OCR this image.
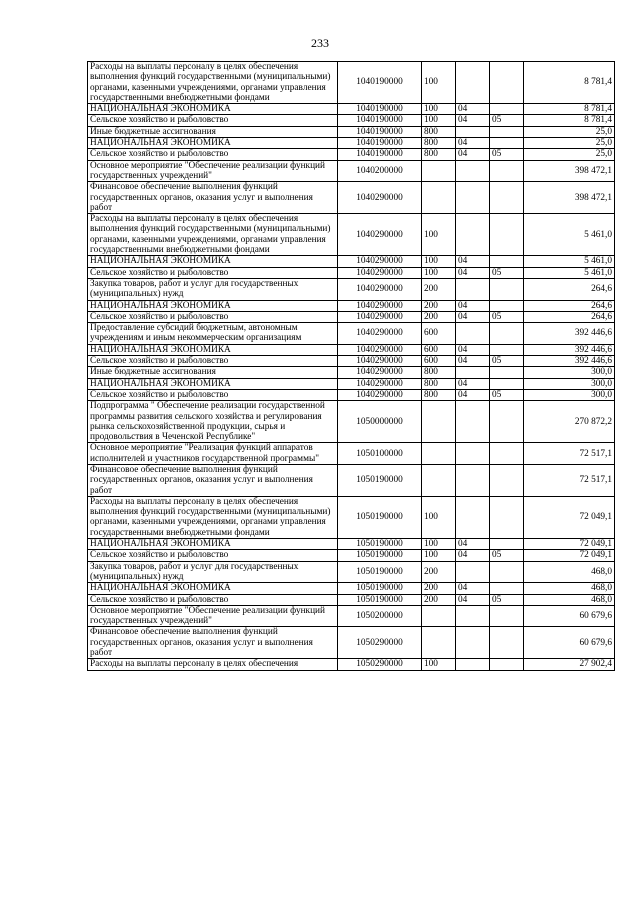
233
Расходы на выплаты персоналу в целях обеспечения выполнения функций государственными (муниципальными) органами, казенными учреждениями, органами управления государственными внебюджетными фондами	1040190000	100			8 781,4
НАЦИОНАЛЬНАЯ ЭКОНОМИКА	1040190000	100	04		8 781,4
Сельское хозяйство и рыболовство	1040190000	100	04	05	8 781,4
Иные бюджетные ассигнования	1040190000	800			25,0
НАЦИОНАЛЬНАЯ ЭКОНОМИКА	1040190000	800	04		25,0
Сельское хозяйство и рыболовство	1040190000	800	04	05	25,0
Основное мероприятие "Обеспечение реализации функций государственных учреждений"	1040200000				398 472,1
Финансовое обеспечение выполнения функций государственных органов, оказания услуг и выполнения работ	1040290000				398 472,1
Расходы на выплаты персоналу в целях обеспечения выполнения функций государственными (муниципальными) органами, казенными учреждениями, органами управления государственными внебюджетными фондами	1040290000	100			5 461,0
НАЦИОНАЛЬНАЯ ЭКОНОМИКА	1040290000	100	04		5 461,0
Сельское хозяйство и рыболовство	1040290000	100	04	05	5 461,0
Закупка товаров, работ и услуг для государственных (муниципальных) нужд	1040290000	200			264,6
НАЦИОНАЛЬНАЯ ЭКОНОМИКА	1040290000	200	04		264,6
Сельское хозяйство и рыболовство	1040290000	200	04	05	264,6
Предоставление субсидий бюджетным, автономным учреждениям и иным некоммерческим организациям	1040290000	600			392 446,6
НАЦИОНАЛЬНАЯ ЭКОНОМИКА	1040290000	600	04		392 446,6
Сельское хозяйство и рыболовство	1040290000	600	04	05	392 446,6
Иные бюджетные ассигнования	1040290000	800			300,0
НАЦИОНАЛЬНАЯ ЭКОНОМИКА	1040290000	800	04		300,0
Сельское хозяйство и рыболовство	1040290000	800	04	05	300,0
Подпрограмма " Обеспечение реализации государственной программы развития сельского хозяйства и регулирования рынка сельскохозяйственной продукции, сырья и продовольствия в Чеченской Республике"	1050000000				270 872,2
Основное мероприятие "Реализация функций аппаратов исполнителей и участников государственной программы"	1050100000				72 517,1
Финансовое обеспечение выполнения функций государственных органов, оказания услуг и выполнения работ	1050190000				72 517,1
Расходы на выплаты персоналу в целях обеспечения выполнения функций государственными (муниципальными) органами, казенными учреждениями, органами управления государственными внебюджетными фондами	1050190000	100			72 049,1
НАЦИОНАЛЬНАЯ ЭКОНОМИКА	1050190000	100	04		72 049,1
Сельское хозяйство и рыболовство	1050190000	100	04	05	72 049,1
Закупка товаров, работ и услуг для государственных (муниципальных) нужд	1050190000	200			468,0
НАЦИОНАЛЬНАЯ ЭКОНОМИКА	1050190000	200	04		468,0
Сельское хозяйство и рыболовство	1050190000	200	04	05	468,0
Основное мероприятие "Обеспечение реализации функций государственных учреждений"	1050200000				60 679,6
Финансовое обеспечение выполнения функций государственных органов, оказания услуг и выполнения работ	1050290000				60 679,6
Расходы на выплаты персоналу в целях обеспечения	1050290000	100			27 902,4
